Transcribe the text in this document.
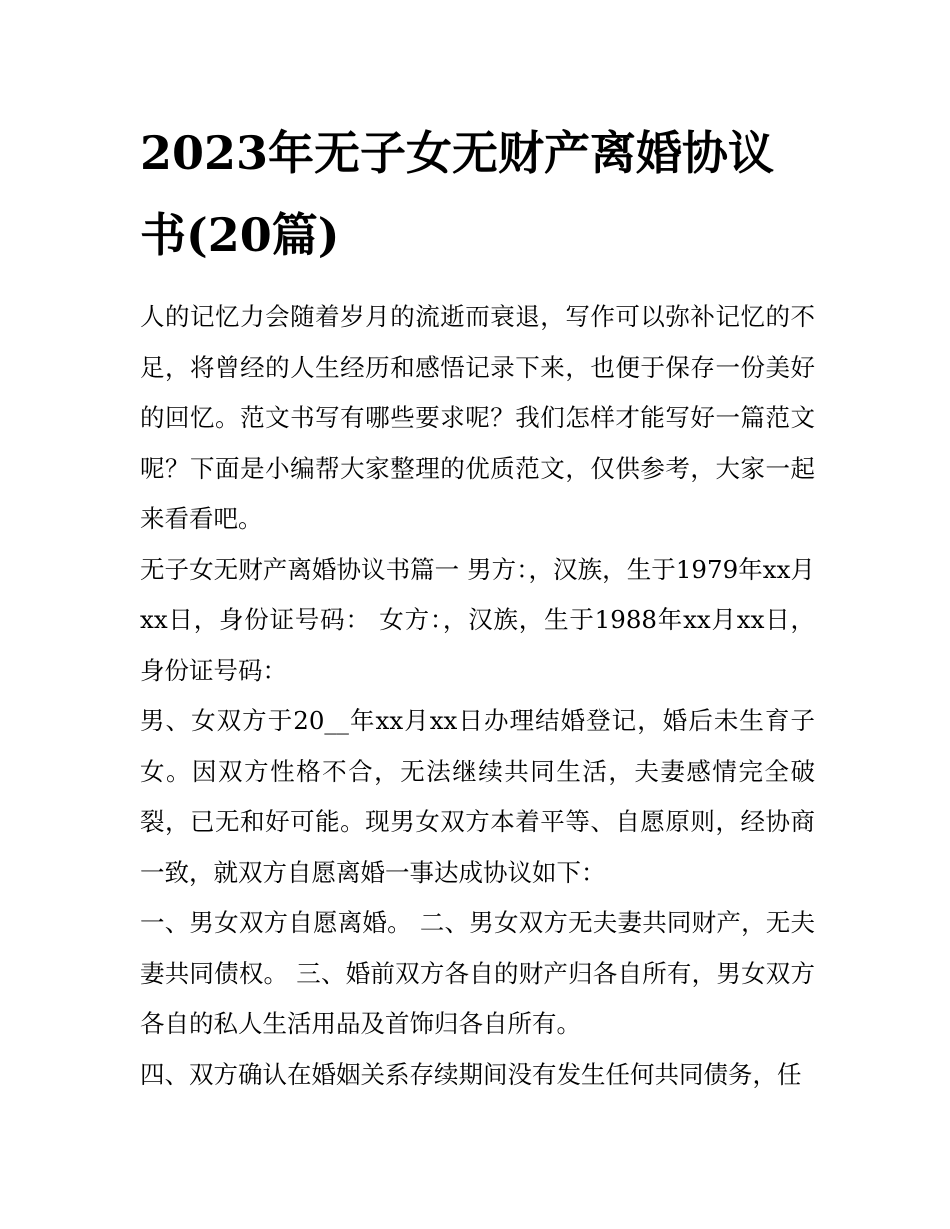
2023年无子女无财产离婚协议书(20篇)

人的记忆力会随着岁月的流逝而衰退，写作可以弥补记忆的不足，将曾经的人生经历和感悟记录下来，也便于保存一份美好的回忆。范文书写有哪些要求呢？我们怎样才能写好一篇范文呢？下面是小编帮大家整理的优质范文，仅供参考，大家一起来看看吧。

无子女无财产离婚协议书篇一 男方：，汉族，生于1979年xx月xx日，身份证号码： 女方：，汉族，生于1988年xx月xx日，身份证号码：

男、女双方于20__年xx月xx日办理结婚登记，婚后未生育子女。因双方性格不合，无法继续共同生活，夫妻感情完全破裂，已无和好可能。现男女双方本着平等、自愿原则，经协商一致，就双方自愿离婚一事达成协议如下：

一、男女双方自愿离婚。 二、男女双方无夫妻共同财产，无夫妻共同债权。 三、婚前双方各自的财产归各自所有，男女双方各自的私人生活用品及首饰归各自所有。

四、双方确认在婚姻关系存续期间没有发生任何共同债务，任
